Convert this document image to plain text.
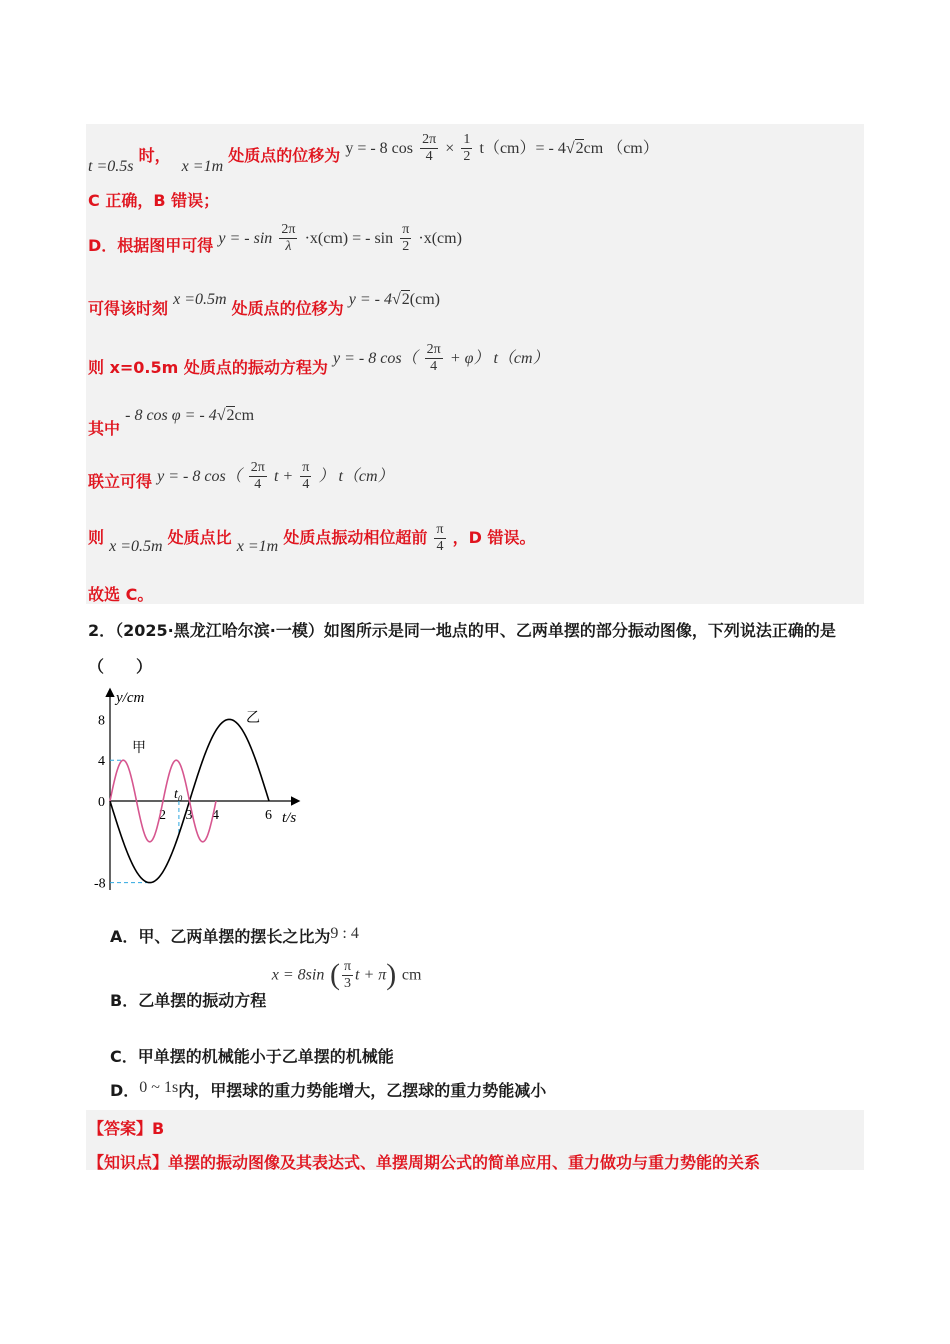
t =0.5s 时， x =1m 处质点的位移为 y = - 8 $\cos \frac{2\pi}{4} \times \frac{1}{2} t(cm)= - 4√2cm$ （cm）
C 正确，B 错误；
D．根据图甲可得 y = - $\sin \frac{2\pi}{\lambda} \cdot x(cm)$ = - $\sin \frac{\pi}{2} \cdot x(cm)$
可得该时刻 x =0.5m 处质点的位移为 y = - 4√2(cm)
则 x=0.5m 处质点的振动方程为 y = - 8 $\cos( \frac{2\pi}{4} + \varphi)$ t（cm）
其中 - 8 cos φ = - 4√2cm
联立可得 y = - 8 $\cos( \frac{2\pi}{4}$ $t + \frac{\pi}{4}$ ） t（cm）
则 x =0.5m 处质点比 x =1m 处质点振动相位超前 $\frac{\pi}{4}$ ，D 错误。
故选 C。
2．（2025·黑龙江哈尔滨·一模）如图所示是同一地点的甲、乙两单摆的部分振动图像，下列说法正确的是
（　　）
2 3 4	6
8
4
0
-8
y/cm
t/s
甲
乙
t₀
A．甲、乙两单摆的摆长之比为9 : 4
B．乙单摆的振动方程 x = 8sin ( $\frac{\pi}{3}$ t + π) cm
C．甲单摆的机械能小于乙单摆的机械能
D．0 ~ 1s内，甲摆球的重力势能增大，乙摆球的重力势能减小
【答案】B
【知识点】单摆的振动图像及其表达式、单摆周期公式的简单应用、重力做功与重力势能的关系
